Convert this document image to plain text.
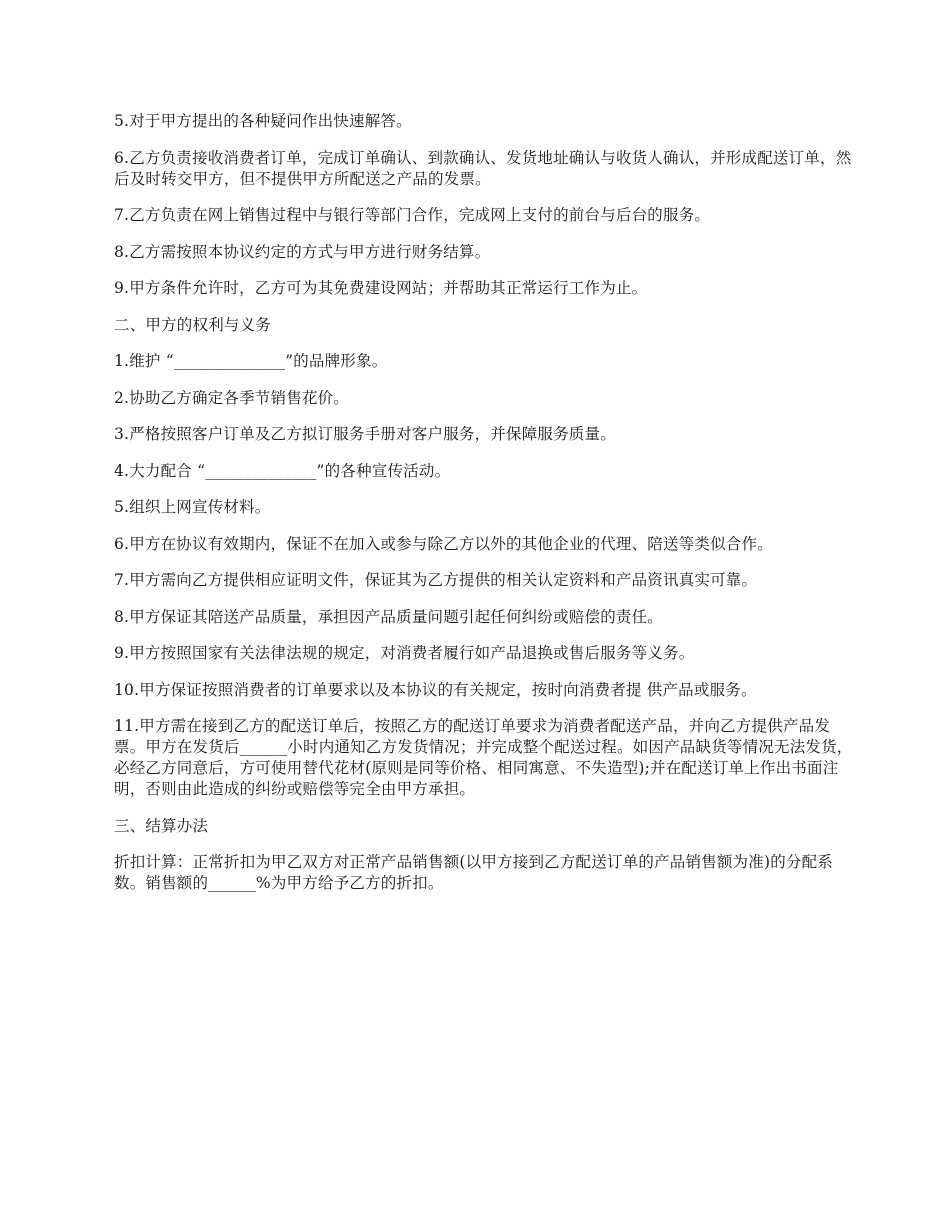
5.对于甲方提出的各种疑问作出快速解答。

6.乙方负责接收消费者订单，完成订单确认、到款确认、发货地址确认与收货人确认，并形成配送订单，然后及时转交甲方，但不提供甲方所配送之产品的发票。

7.乙方负责在网上销售过程中与银行等部门合作，完成网上支付的前台与后台的服务。

8.乙方需按照本协议约定的方式与甲方进行财务结算。

9.甲方条件允许时，乙方可为其免费建设网站；并帮助其正常运行工作为止。

二、甲方的权利与义务

1.维护 “______________”的品牌形象。

2.协助乙方确定各季节销售花价。

3.严格按照客户订单及乙方拟订服务手册对客户服务，并保障服务质量。

4.大力配合 “______________”的各种宣传活动。

5.组织上网宣传材料。

6.甲方在协议有效期内，保证不在加入或参与除乙方以外的其他企业的代理、陪送等类似合作。

7.甲方需向乙方提供相应证明文件，保证其为乙方提供的相关认定资料和产品资讯真实可靠。

8.甲方保证其陪送产品质量，承担因产品质量问题引起任何纠纷或赔偿的责任。

9.甲方按照国家有关法律法规的规定，对消费者履行如产品退换或售后服务等义务。

10.甲方保证按照消费者的订单要求以及本协议的有关规定，按时向消费者提 供产品或服务。

11.甲方需在接到乙方的配送订单后，按照乙方的配送订单要求为消费者配送产品，并向乙方提供产品发票。甲方在发货后______小时内通知乙方发货情况；并完成整个配送过程。如因产品缺货等情况无法发货，必经乙方同意后，方可使用替代花材(原则是同等价格、相同寓意、不失造型);并在配送订单上作出书面注明，否则由此造成的纠纷或赔偿等完全由甲方承担。

三、结算办法

折扣计算：正常折扣为甲乙双方对正常产品销售额(以甲方接到乙方配送订单的产品销售额为准)的分配系数。销售额的______%为甲方给予乙方的折扣。
